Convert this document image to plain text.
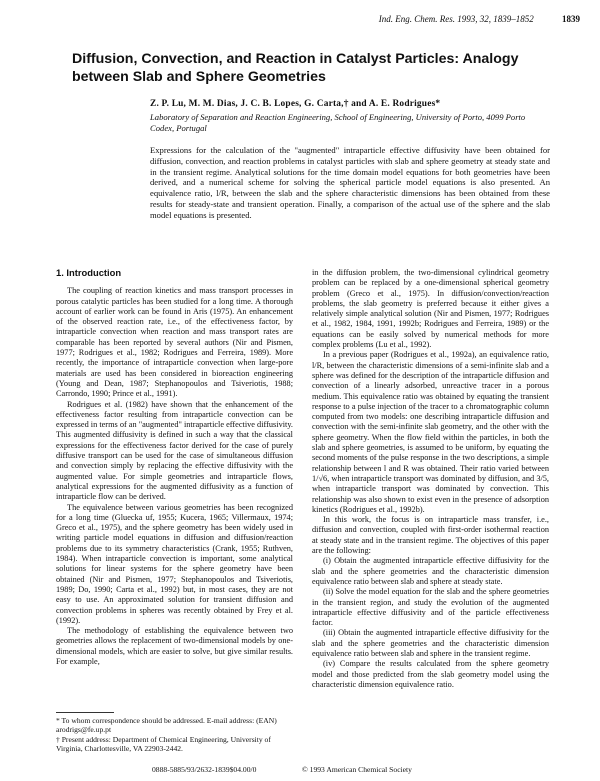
Ind. Eng. Chem. Res. 1993, 32, 1839–1852	1839
Diffusion, Convection, and Reaction in Catalyst Particles: Analogy between Slab and Sphere Geometries
Z. P. Lu, M. M. Dias, J. C. B. Lopes, G. Carta,† and A. E. Rodrigues*
Laboratory of Separation and Reaction Engineering, School of Engineering, University of Porto, 4099 Porto Codex, Portugal
Expressions for the calculation of the "augmented" intraparticle effective diffusivity have been obtained for diffusion, convection, and reaction problems in catalyst particles with slab and sphere geometry at steady state and in the transient regime. Analytical solutions for the time domain model equations for both geometries have been derived, and a numerical scheme for solving the spherical particle model equations is also presented. An equivalence ratio, l/R, between the slab and the sphere characteristic dimensions has been obtained from these results for steady-state and transient operation. Finally, a comparison of the actual use of the sphere and the slab model equations is presented.
1. Introduction

The coupling of reaction kinetics and mass transport processes in porous catalytic particles has been studied for a long time. A thorough account of earlier work can be found in Aris (1975). An enhancement of the observed reaction rate, i.e., of the effectiveness factor, by intraparticle convection when reaction and mass transport rates are comparable has been reported by several authors (Nir and Pismen, 1977; Rodrigues et al., 1982; Rodrigues and Ferreira, 1989). More recently, the importance of intraparticle convection when large-pore materials are used has been considered in bioreaction engineering (Young and Dean, 1987; Stephanopoulos and Tsiveriotis, 1988; Carrondo, 1990; Prince et al., 1991).

Rodrigues et al. (1982) have shown that the enhancement of the effectiveness factor resulting from intraparticle convection can be expressed in terms of an "augmented" intraparticle effective diffusivity. This augmented diffusivity is defined in such a way that the classical expressions for the effectiveness factor derived for the case of purely diffusive transport can be used for the case of simultaneous diffusion and convection simply by replacing the effective diffusivity with the augmented value. For simple geometries and intraparticle flows, analytical expressions for the augmented diffusivity as a function of intraparticle flow can be derived.

The equivalence between various geometries has been recognized for a long time (Gluecka uf, 1955; Kucera, 1965; Villermaux, 1974; Greco et al., 1975), and the sphere geometry has been widely used in writing particle model equations in diffusion and diffusion/reaction problems due to its symmetry characteristics (Crank, 1955; Ruthven, 1984). When intraparticle convection is important, some analytical solutions for linear systems for the sphere geometry have been obtained (Nir and Pismen, 1977; Stephanopoulos and Tsiveriotis, 1989; Do, 1990; Carta et al., 1992) but, in most cases, they are not easy to use. An approximated solution for transient diffusion and convection problems in spheres was recently obtained by Frey et al. (1992).

The methodology of establishing the equivalence between two geometries allows the replacement of two-dimensional models by one-dimensional models, which are easier to solve, but give similar results. For example,

in the diffusion problem, the two-dimensional cylindrical geometry problem can be replaced by a one-dimensional spherical geometry problem (Greco et al., 1975). In diffusion/convection/reaction problems, the slab geometry is preferred because it either gives a relatively simple analytical solution (Nir and Pismen, 1977; Rodrigues et al., 1982, 1984, 1991, 1992b; Rodrigues and Ferreira, 1989) or the equations can be easily solved by numerical methods for more complex problems (Lu et al., 1992).

In a previous paper (Rodrigues et al., 1992a), an equivalence ratio, l/R, between the characteristic dimensions of a semi-infinite slab and a sphere was defined for the description of the intraparticle diffusion and convection of a linearly adsorbed, unreactive tracer in a porous medium. This equivalence ratio was obtained by equating the transient response to a pulse injection of the tracer to a chromatographic column computed from two models: one describing intraparticle diffusion and convection with the semi-infinite slab geometry, and the other with the sphere geometry. When the flow field within the particles, in both the slab and sphere geometries, is assumed to be uniform, by equating the second moments of the pulse response in the two descriptions, a simple relationship between l and R was obtained. Their ratio varied between 1/√6, when intraparticle transport was dominated by diffusion, and 3/5, when intraparticle transport was dominated by convection. This relationship was also shown to exist even in the presence of adsorption kinetics (Rodrigues et al., 1992b).

In this work, the focus is on intraparticle mass transfer, i.e., diffusion and convection, coupled with first-order isothermal reaction at steady state and in the transient regime. The objectives of this paper are the following:

(i) Obtain the augmented intraparticle effective diffusivity for the slab and the sphere geometries and the characteristic dimension equivalence ratio between slab and sphere at steady state.

(ii) Solve the model equation for the slab and the sphere geometries in the transient region, and study the evolution of the augmented intraparticle effective diffusivity and of the particle effectiveness factor.

(iii) Obtain the augmented intraparticle effective diffusivity for the slab and the sphere geometries and the characteristic dimension equivalence ratio between slab and sphere in the transient regime.

(iv) Compare the results calculated from the sphere geometry model and those predicted from the slab geometry model using the characteristic dimension equivalence ratio.

* To whom correspondence should be addressed. E-mail address: (EAN) arodrigs@fe.up.pt
† Present address: Department of Chemical Engineering, University of Virginia, Charlottesville, VA 22903-2442.
0888-5885/93/2632-1839$04.00/0	© 1993 American Chemical Society
